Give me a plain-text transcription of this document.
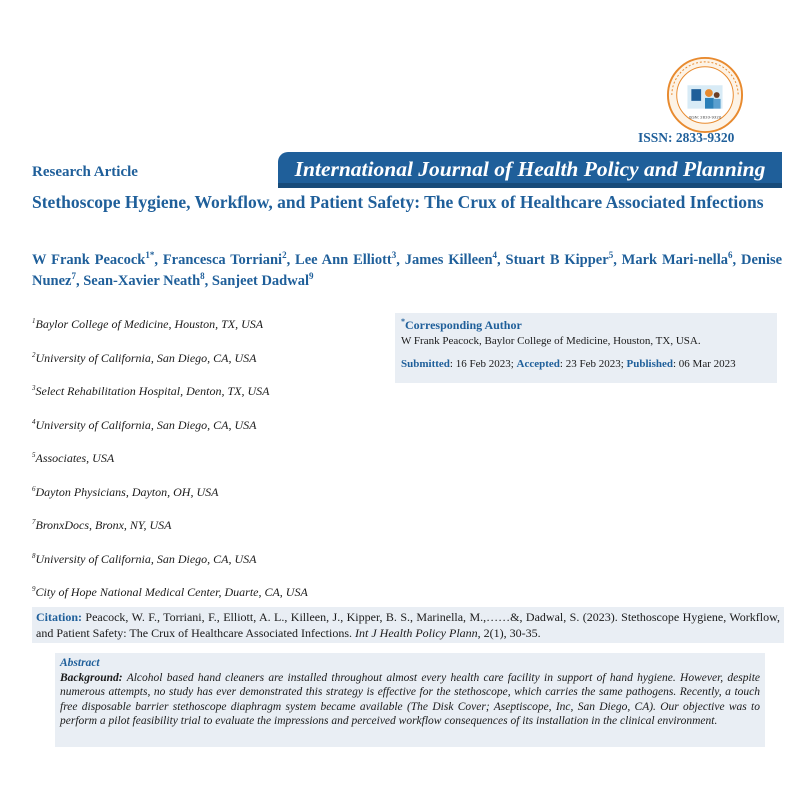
ISSN: 2833-9320
ISSN: 2833-9320
Research Article	International Journal of Health Policy and Planning
Stethoscope Hygiene, Workflow, and Patient Safety: The Crux of Healthcare Associated Infections
W Frank Peacock$^{1*}$, Francesca Torriani$^2$, Lee Ann Elliott$^3$, James Killeen$^4$, Stuart B Kipper$^5$, Mark Mari-nella$^6$, Denise Nunez$^7$, Sean-Xavier Neath$^8$, Sanjeet Dadwal$^9$
$^1$Baylor College of Medicine, Houston, TX, USA
$^2$University of California, San Diego, CA, USA
$^3$Select Rehabilitation Hospital, Denton, TX, USA
$^4$University of California, San Diego, CA, USA
$^5$Associates, USA
$^6$Dayton Physicians, Dayton, OH, USA
$^7$BronxDocs, Bronx, NY, USA
$^8$University of California, San Diego, CA, USA
$^9$City of Hope National Medical Center, Duarte, CA, USA
*Corresponding Author
W Frank Peacock, Baylor College of Medicine, Houston, TX, USA.
Submitted: 16 Feb 2023; Accepted: 23 Feb 2023; Published: 06 Mar 2023
Citation: Peacock, W. F., Torriani, F., Elliott, A. L., Killeen, J., Kipper, B. S., Marinella, M.,……&, Dadwal, S. (2023). Stethoscope Hygiene, Workflow, and Patient Safety: The Crux of Healthcare Associated Infections. Int J Health Policy Plann, 2(1), 30-35.
Abstract
Background: Alcohol based hand cleaners are installed throughout almost every health care facility in support of hand hygiene. However, despite numerous attempts, no study has ever demonstrated this strategy is effective for the stethoscope, which carries the same pathogens. Recently, a touch free disposable barrier stethoscope diaphragm system became available (The Disk Cover; Aseptiscope, Inc, San Diego, CA). Our objective was to perform a pilot feasibility trial to evaluate the impressions and perceived workflow consequences of its installation in the clinical environment.
